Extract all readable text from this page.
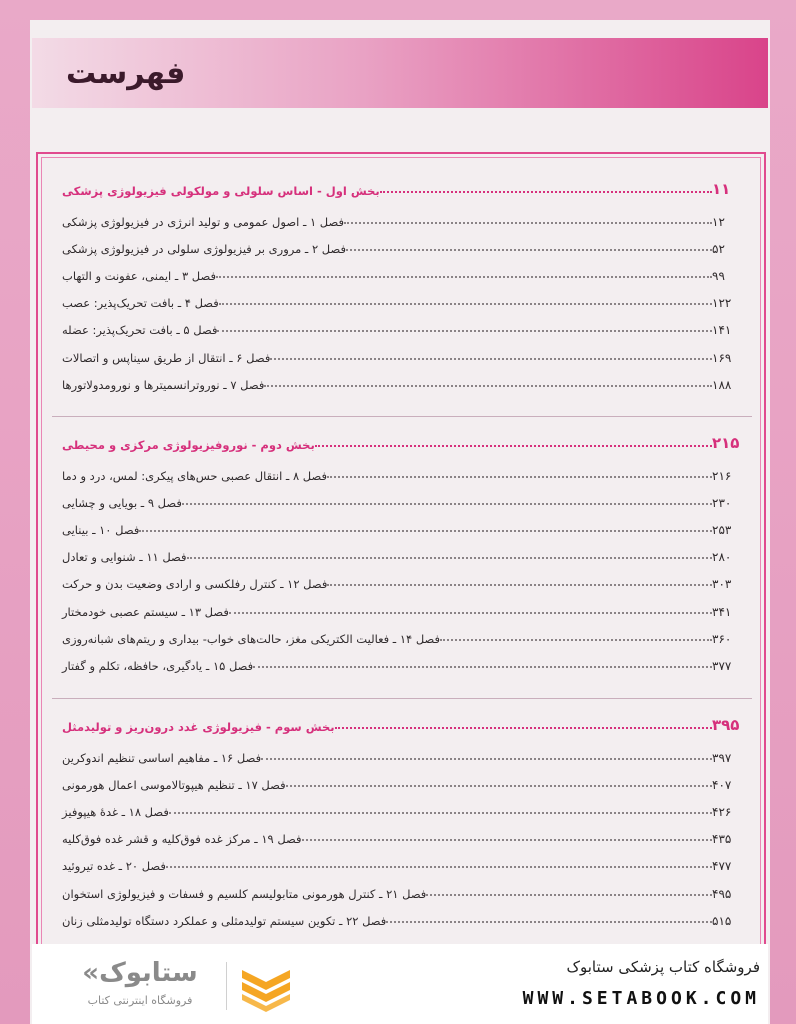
فهرست
بخش اول - اساس سلولی و مولکولی فیزیولوژی پزشکی	۱۱
فصل ۱ ـ اصول عمومی و تولید انرژی در فیزیولوژی پزشکی	۱۲
فصل ۲ ـ مروری بر فیزیولوژی سلولی در فیزیولوژی پزشکی	۵۲
فصل ۳ ـ ایمنی، عفونت و التهاب	۹۹
فصل ۴ ـ بافت تحریک‌پذیر: عصب	۱۲۲
فصل ۵ ـ بافت تحریک‌پذیر: عضله	۱۴۱
فصل ۶ ـ انتقال از طریق سیناپس و اتصالات	۱۶۹
فصل ۷ ـ نوروترانسمیترها و نورومدولاتورها	۱۸۸
بخش دوم - نوروفیزیولوژی مرکزی و محیطی	۲۱۵
فصل ۸ ـ انتقال عصبی حس‌های پیکری: لمس، درد و دما	۲۱۶
فصل ۹ ـ بویایی و چشایی	۲۳۰
فصل ۱۰ ـ بینایی	۲۵۳
فصل ۱۱ ـ شنوایی و تعادل	۲۸۰
فصل ۱۲ ـ کنترل رفلکسی و ارادی وضعیت بدن و حرکت	۳۰۳
فصل ۱۳ ـ سیستم عصبی خودمختار	۳۴۱
فصل ۱۴ ـ فعالیت الکتریکی مغز، حالت‌های خواب- بیداری و ریتم‌های شبانه‌روزی	۳۶۰
فصل ۱۵ ـ یادگیری، حافظه، تکلم و گفتار	۳۷۷
بخش سوم - فیزیولوژی غدد درون‌ریز و تولیدمثل	۳۹۵
فصل ۱۶ ـ مفاهیم اساسی تنظیم اندوکرین	۳۹۷
فصل ۱۷ ـ تنظیم هیپوتالاموسی اعمال هورمونی	۴۰۷
فصل ۱۸ ـ غدهٔ هیپوفیز	۴۲۶
فصل ۱۹ ـ مرکز غده فوق‌کلیه و قشر غده فوق‌کلیه	۴۳۵
فصل ۲۰ ـ غده تیروئید	۴۷۷
فصل ۲۱ ـ کنترل هورمونی متابولیسم کلسیم و فسفات و فیزیولوژی استخوان	۴۹۵
فصل ۲۲ ـ تکوین سیستم تولیدمثلی و عملکرد دستگاه تولیدمثلی زنان	۵۱۵
فروشگاه کتاب پزشکی ستابوک
WWW.SETABOOK.COM
ستابوک»
فروشگاه اینترنتی کتاب
